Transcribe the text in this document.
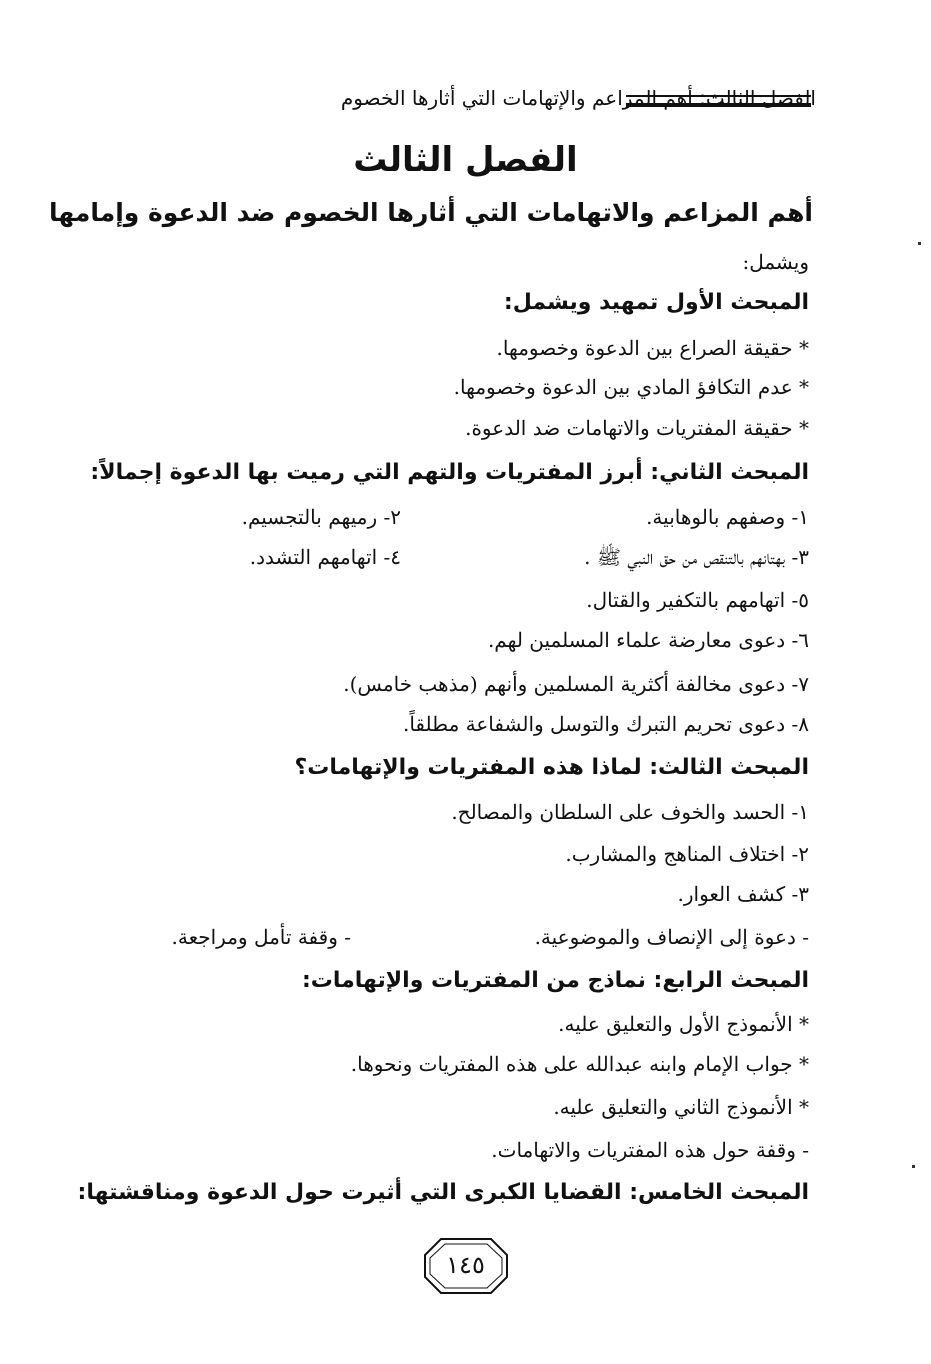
الفصل الثالث: أهم المزاعم والإتهامات التي أثارها الخصوم
الفصل الثالث
أهم المزاعم والاتهامات التي أثارها الخصوم ضد الدعوة وإمامها
ويشمل:
المبحث الأول تمهيد ويشمل:
* حقيقة الصراع بين الدعوة وخصومها.
* عدم التكافؤ المادي بين الدعوة وخصومها.
* حقيقة المفتريات والاتهامات ضد الدعوة.
المبحث الثاني: أبرز المفتريات والتهم التي رميت بها الدعوة إجمالاً:
١- وصفهم بالوهابية.
٢- رميهم بالتجسيم.
٣- بهتانهم بالتنقص من حق النبي ﷺ .
٤- اتهامهم التشدد.
٥- اتهامهم بالتكفير والقتال.
٦- دعوى معارضة علماء المسلمين لهم.
٧- دعوى مخالفة أكثرية المسلمين وأنهم (مذهب خامس).
٨- دعوى تحريم التبرك والتوسل والشفاعة مطلقاً.
المبحث الثالث: لماذا هذه المفتريات والإتهامات؟
١- الحسد والخوف على السلطان والمصالح.
٢- اختلاف المناهج والمشارب.
٣- كشف العوار.
- دعوة إلى الإنصاف والموضوعية.
- وقفة تأمل ومراجعة.
المبحث الرابع: نماذج من المفتريات والإتهامات:
* الأنموذج الأول والتعليق عليه.
* جواب الإمام وابنه عبدالله على هذه المفتريات ونحوها.
* الأنموذج الثاني والتعليق عليه.
- وقفة حول هذه المفتريات والاتهامات.
المبحث الخامس: القضايا الكبرى التي أثيرت حول الدعوة ومناقشتها:
١٤٥
